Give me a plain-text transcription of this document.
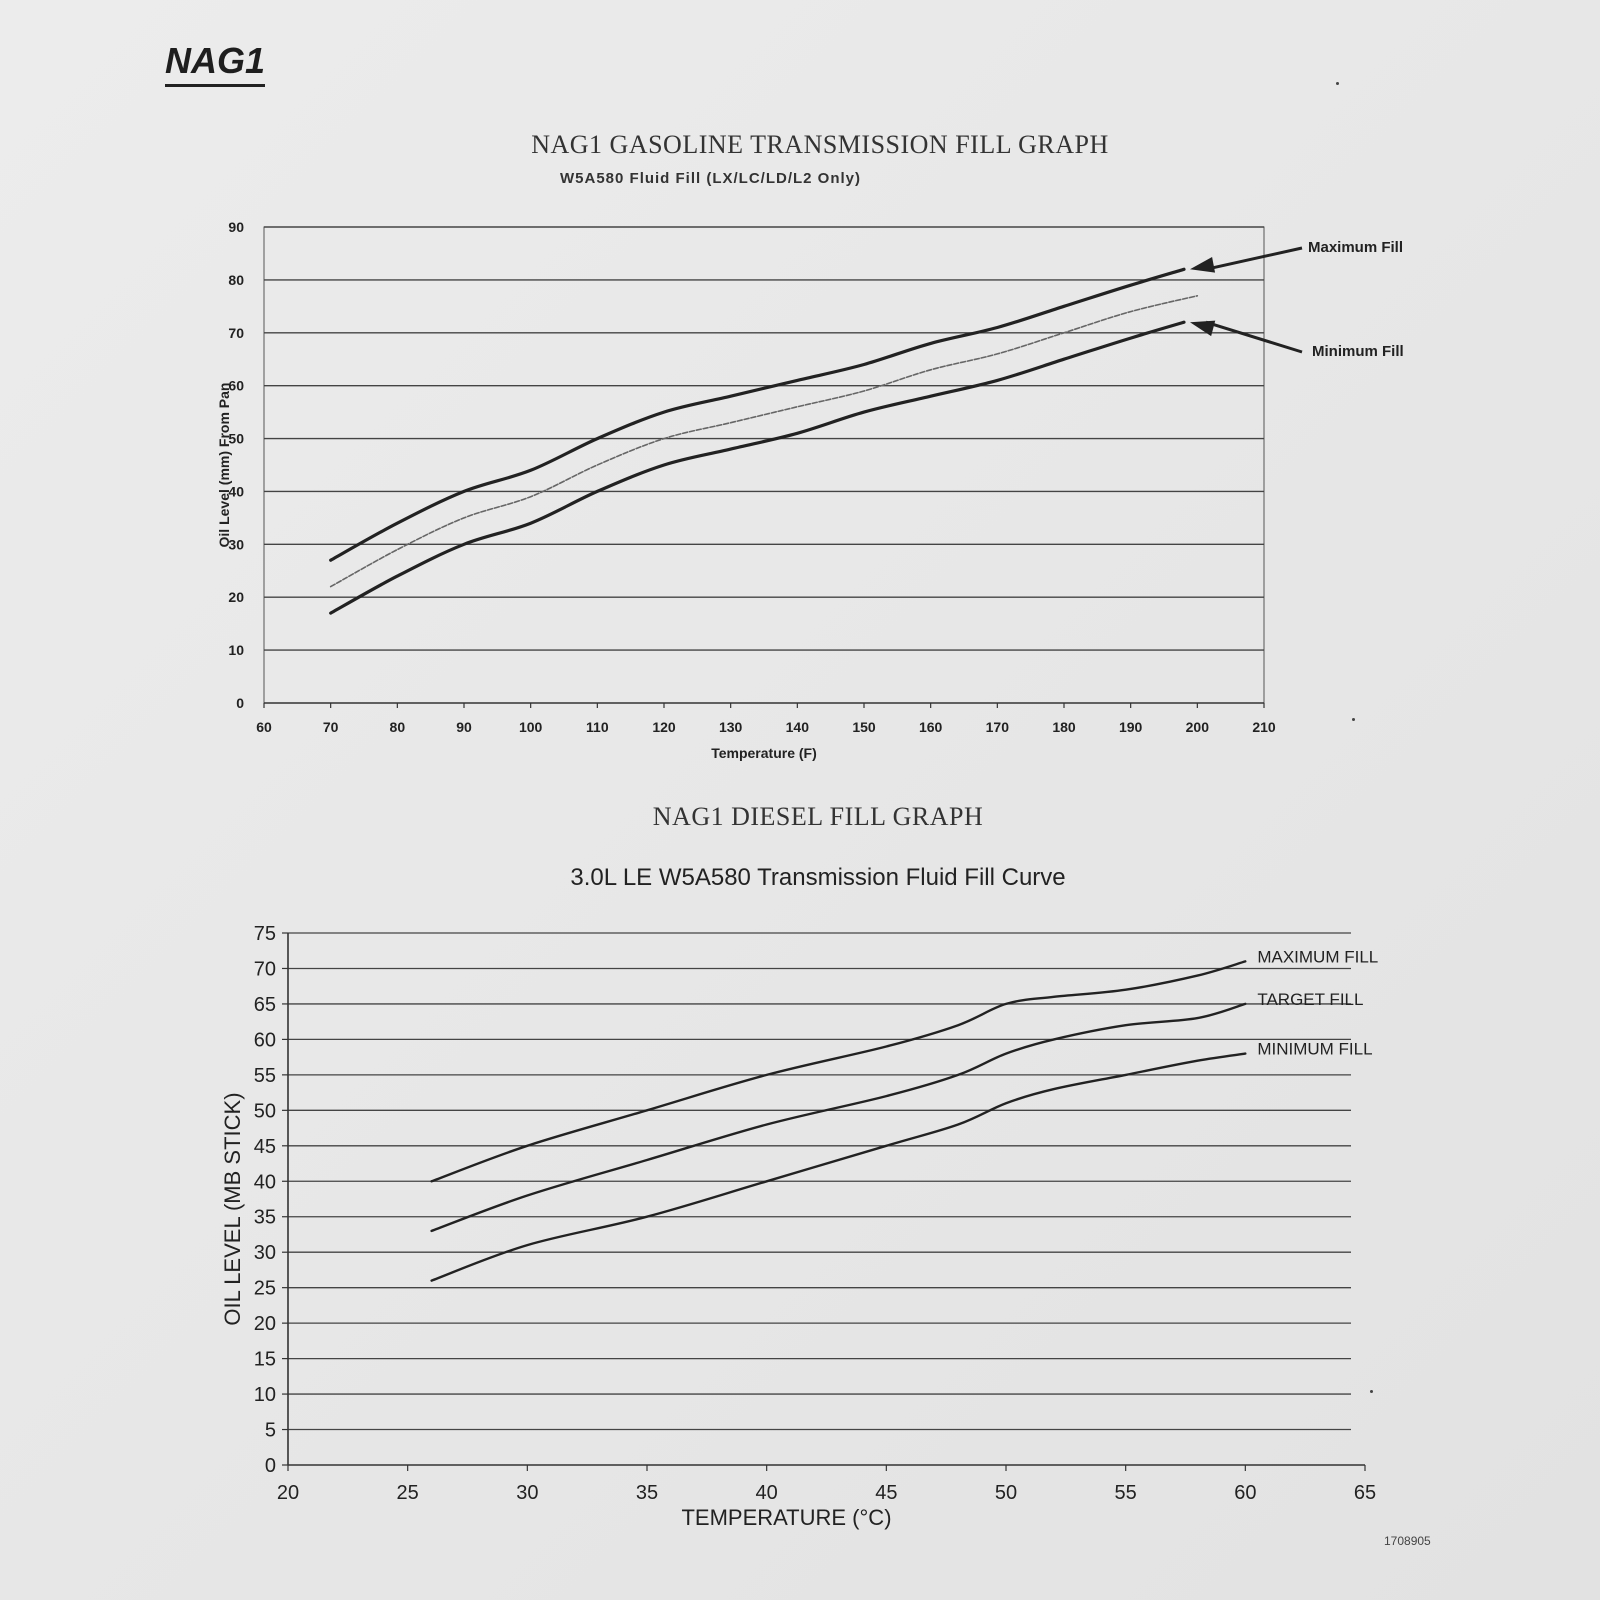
NAG1
NAG1 GASOLINE TRANSMISSION FILL GRAPH
W5A580 Fluid Fill (LX/LC/LD/L2 Only)
0
10
20
30
40
50
60
70
80
90
60	70	80	90	100	110	120	130	140	150	160	170	180	190	200	210
Temperature (F)
Oil Level (mm) From Pan
Maximum Fill
Minimum Fill
NAG1 DIESEL FILL GRAPH
3.0L LE W5A580 Transmission Fluid Fill Curve
0
5
10
15
20
25
30
35
40
45
50
55
60
65
70
75
20	25	30	35	40	45	50	55	60	65
TEMPERATURE (°C)
OIL LEVEL (MB STICK)
MAXIMUM FILL
TARGET FILL
MINIMUM FILL
1708905
